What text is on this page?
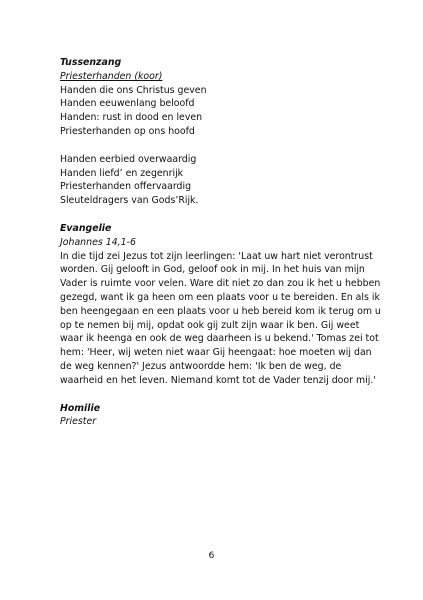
Tussenzang

Priesterhanden (koor)

Handen die ons Christus geven

Handen eeuwenlang beloofd

Handen: rust in dood en leven

Priesterhanden op ons hoofd

Handen eerbied overwaardig

Handen liefd’ en zegenrijk

Priesterhanden offervaardig

Sleuteldragers van Gods’Rijk.

Evangelie

Johannes 14,1-6

In die tijd zei Jezus tot zijn leerlingen: 'Laat uw hart niet verontrust

worden. Gij gelooft in God, geloof ook in mij. In het huis van mijn

Vader is ruimte voor velen. Ware dit niet zo dan zou ik het u hebben

gezegd, want ik ga heen om een plaats voor u te bereiden. En als ik

ben heengegaan en een plaats voor u heb bereid kom ik terug om u

op te nemen bij mij, opdat ook gij zult zijn waar ik ben. Gij weet

waar ik heenga en ook de weg daarheen is u bekend.' Tomas zei tot

hem: 'Heer, wij weten niet waar Gij heengaat: hoe moeten wij dan

de weg kennen?' Jezus antwoordde hem: 'Ik ben de weg, de

waarheid en het leven. Niemand komt tot de Vader tenzij door mij.'

Homilie

Priester

6
